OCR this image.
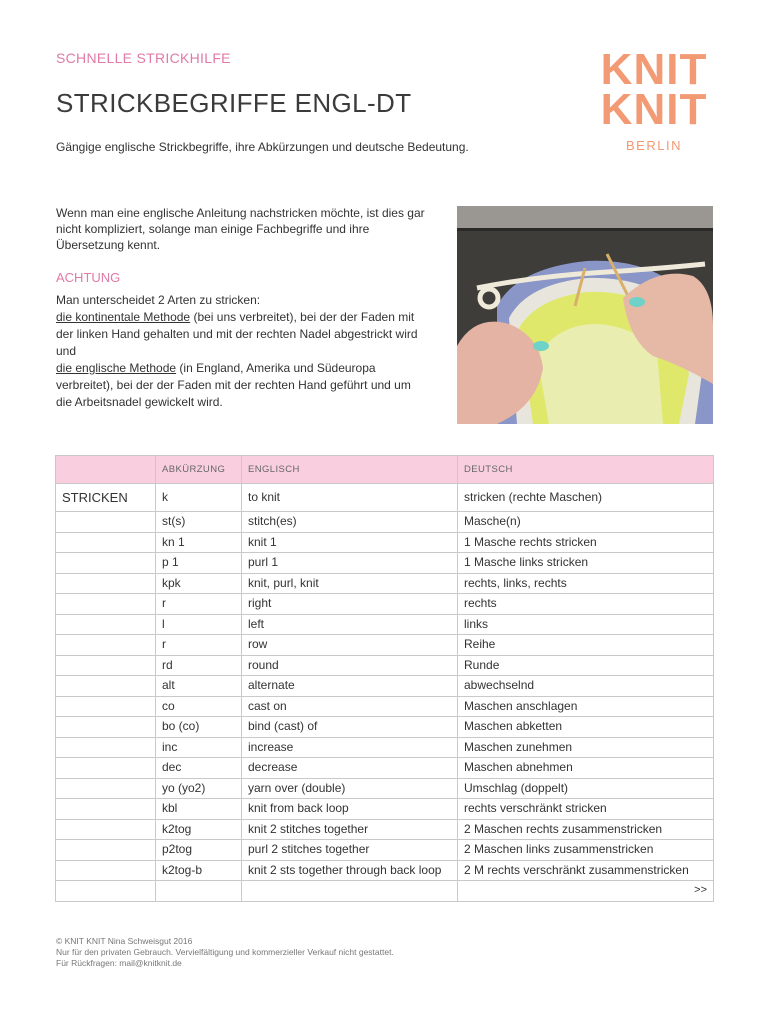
SCHNELLE STRICKHILFE
STRICKBEGRIFFE ENGL-DT
Gängige englische Strickbegriffe, ihre Abkürzungen und deutsche Bedeutung.
KNIT
KNIT
BERLIN
Wenn man eine englische Anleitung nachstricken möchte, ist dies gar nicht kompliziert, solange man einige Fachbegriffe und ihre Übersetzung kennt.
ACHTUNG
Man unterscheidet 2 Arten zu stricken:
die kontinentale Methode (bei uns verbreitet), bei der der Faden mit der linken Hand gehalten und mit der rechten Nadel abgestrickt wird und
die englische Methode (in England, Amerika und Südeuropa verbreitet), bei der der Faden mit der rechten Hand geführt und um die Arbeitsnadel gewickelt wird.
	ABKÜRZUNG	ENGLISCH	DEUTSCH
STRICKEN	k	to knit	stricken (rechte Maschen)
	st(s)	stitch(es)	Masche(n)
	kn 1	knit 1	1 Masche rechts stricken
	p 1	purl 1	1 Masche links stricken
	kpk	knit, purl, knit	rechts, links, rechts
	r	right	rechts
	l	left	links
	r	row	Reihe
	rd	round	Runde
	alt	alternate	abwechselnd
	co	cast on	Maschen anschlagen
	bo (co)	bind (cast) of	Maschen abketten
	inc	increase	Maschen zunehmen
	dec	decrease	Maschen abnehmen
	yo (yo2)	yarn over (double)	Umschlag (doppelt)
	kbl	knit from back loop	rechts verschränkt stricken
	k2tog	knit 2 stitches together	2 Maschen rechts zusammenstricken
	p2tog	purl 2 stitches together	2 Maschen links zusammenstricken
	k2tog-b	knit 2 sts together through back loop	2 M rechts verschränkt zusammenstricken
			>>
© KNIT KNIT Nina Schweisgut 2016
Nur für den privaten Gebrauch. Vervielfältigung und kommerzieller Verkauf nicht gestattet.
Für Rückfragen: mail@knitknit.de
